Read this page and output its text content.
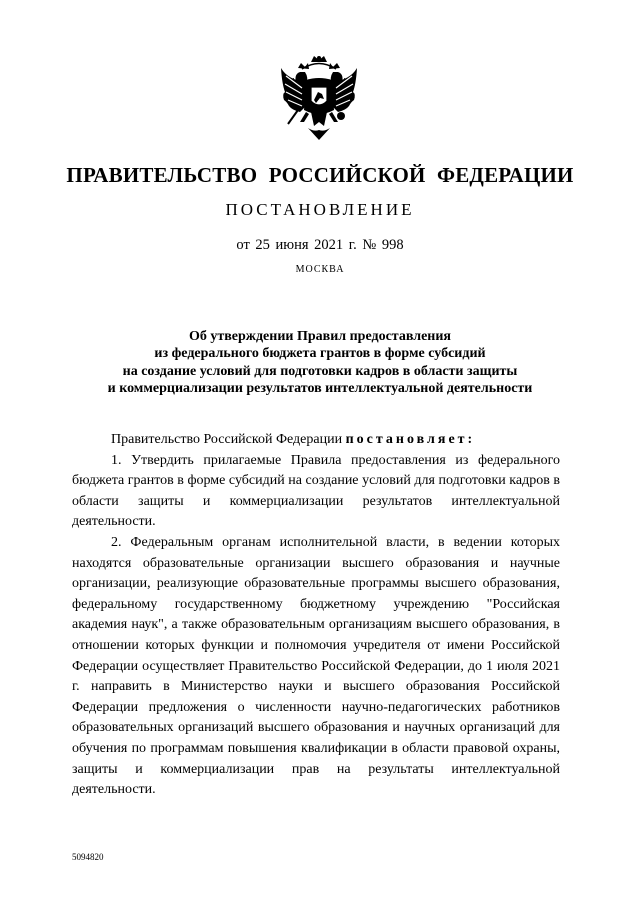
ПРАВИТЕЛЬСТВО РОССИЙСКОЙ ФЕДЕРАЦИИ
ПОСТАНОВЛЕНИЕ
от 25 июня 2021 г. № 998
МОСКВА
Об утверждении Правил предоставления
из федерального бюджета грантов в форме субсидий
на создание условий для подготовки кадров в области защиты
и коммерциализации результатов интеллектуальной деятельности

Правительство Российской Федерации постановляет:

1. Утвердить прилагаемые Правила предоставления из федерального бюджета грантов в форме субсидий на создание условий для подготовки кадров в области защиты и коммерциализации результатов интеллектуальной деятельности.

2. Федеральным органам исполнительной власти, в ведении которых находятся образовательные организации высшего образования и научные организации, реализующие образовательные программы высшего образования, федеральному государственному бюджетному учреждению "Российская академия наук", а также образовательным организациям высшего образования, в отношении которых функции и полномочия учредителя от имени Российской Федерации осуществляет Правительство Российской Федерации, до 1 июля 2021 г. направить в Министерство науки и высшего образования Российской Федерации предложения о численности научно-педагогических работников образовательных организаций высшего образования и научных организаций для обучения по программам повышения квалификации в области правовой охраны, защиты и коммерциализации прав на результаты интеллектуальной деятельности.

5094820
